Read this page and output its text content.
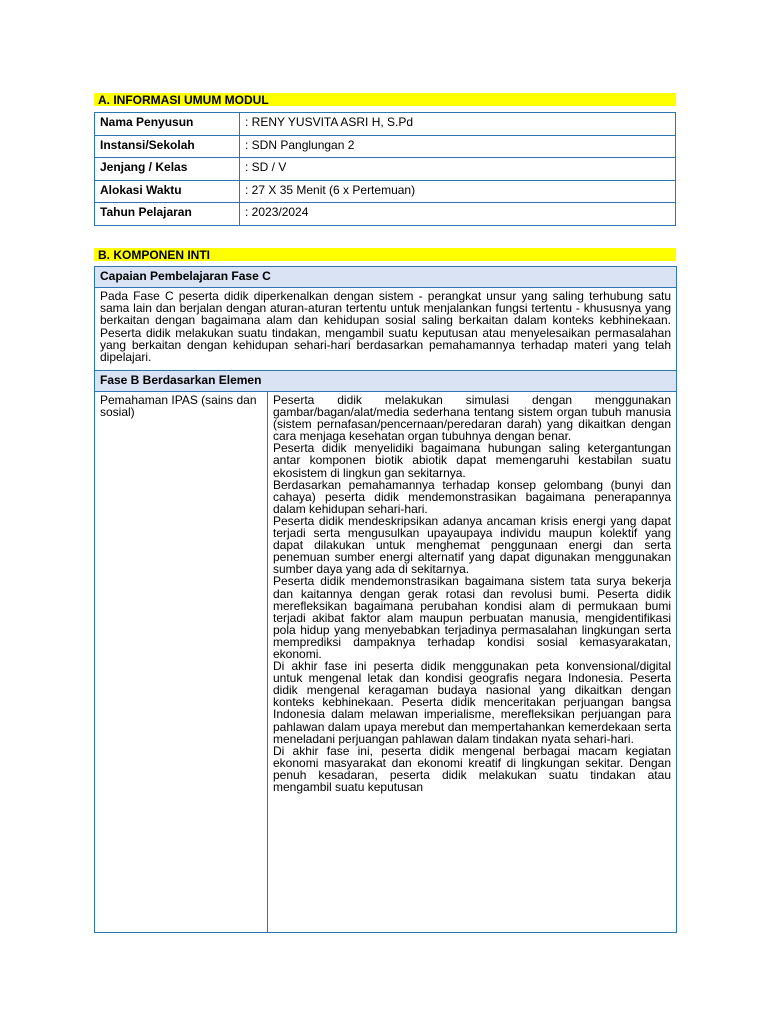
A. INFORMASI UMUM MODUL
Nama Penyusun	: RENY YUSVITA ASRI H, S.Pd
Instansi/Sekolah	: SDN Panglungan 2
Jenjang / Kelas	: SD / V
Alokasi Waktu	: 27 X 35 Menit (6 x Pertemuan)
Tahun Pelajaran	: 2023/2024
B. KOMPONEN INTI
Capaian Pembelajaran Fase C
Pada Fase C peserta didik diperkenalkan dengan sistem - perangkat unsur yang saling terhubung satu sama lain dan berjalan dengan aturan-aturan tertentu untuk menjalankan fungsi tertentu - khususnya yang berkaitan dengan bagaimana alam dan kehidupan sosial saling berkaitan dalam konteks kebhinekaan. Peserta didik melakukan suatu tindakan, mengambil suatu keputusan atau menyelesaikan permasalahan yang berkaitan dengan kehidupan sehari-hari berdasarkan pemahamannya terhadap materi yang telah dipelajari.
Fase B Berdasarkan Elemen
Pemahaman IPAS (sains dan sosial)	

Peserta didik melakukan simulasi dengan menggunakan gambar/bagan/alat/media sederhana tentang sistem organ tubuh manusia (sistem pernafasan/pencernaan/peredaran darah) yang dikaitkan dengan cara menjaga kesehatan organ tubuhnya dengan benar.

Peserta didik menyelidiki bagaimana hubungan saling ketergantungan antar komponen biotik abiotik dapat memengaruhi kestabilan suatu ekosistem di lingkun gan sekitarnya.

Berdasarkan pemahamannya terhadap konsep gelombang (bunyi dan cahaya) peserta didik mendemonstrasikan bagaimana penerapannya dalam kehidupan sehari-hari.

Peserta didik mendeskripsikan adanya ancaman krisis energi yang dapat terjadi serta mengusulkan upayaupaya individu maupun kolektif yang dapat dilakukan untuk menghemat penggunaan energi dan serta penemuan sumber energi alternatif yang dapat digunakan menggunakan sumber daya yang ada di sekitarnya.

Peserta didik mendemonstrasikan bagaimana sistem tata surya bekerja dan kaitannya dengan gerak rotasi dan revolusi bumi. Peserta didik merefleksikan bagaimana perubahan kondisi alam di permukaan bumi terjadi akibat faktor alam maupun perbuatan manusia, mengidentifikasi pola hidup yang menyebabkan terjadinya permasalahan lingkungan serta memprediksi dampaknya terhadap kondisi sosial kemasyarakatan, ekonomi.

Di akhir fase ini peserta didik menggunakan peta konvensional/digital untuk mengenal letak dan kondisi geografis negara Indonesia. Peserta didik mengenal keragaman budaya nasional yang dikaitkan dengan konteks kebhinekaan. Peserta didik menceritakan perjuangan bangsa Indonesia dalam melawan imperialisme, merefleksikan perjuangan para pahlawan dalam upaya merebut dan mempertahankan kemerdekaan serta meneladani perjuangan pahlawan dalam tindakan nyata sehari-hari.

Di akhir fase ini, peserta didik mengenal berbagai macam kegiatan ekonomi masyarakat dan ekonomi kreatif di lingkungan sekitar. Dengan penuh kesadaran, peserta didik melakukan suatu tindakan atau mengambil suatu keputusan
